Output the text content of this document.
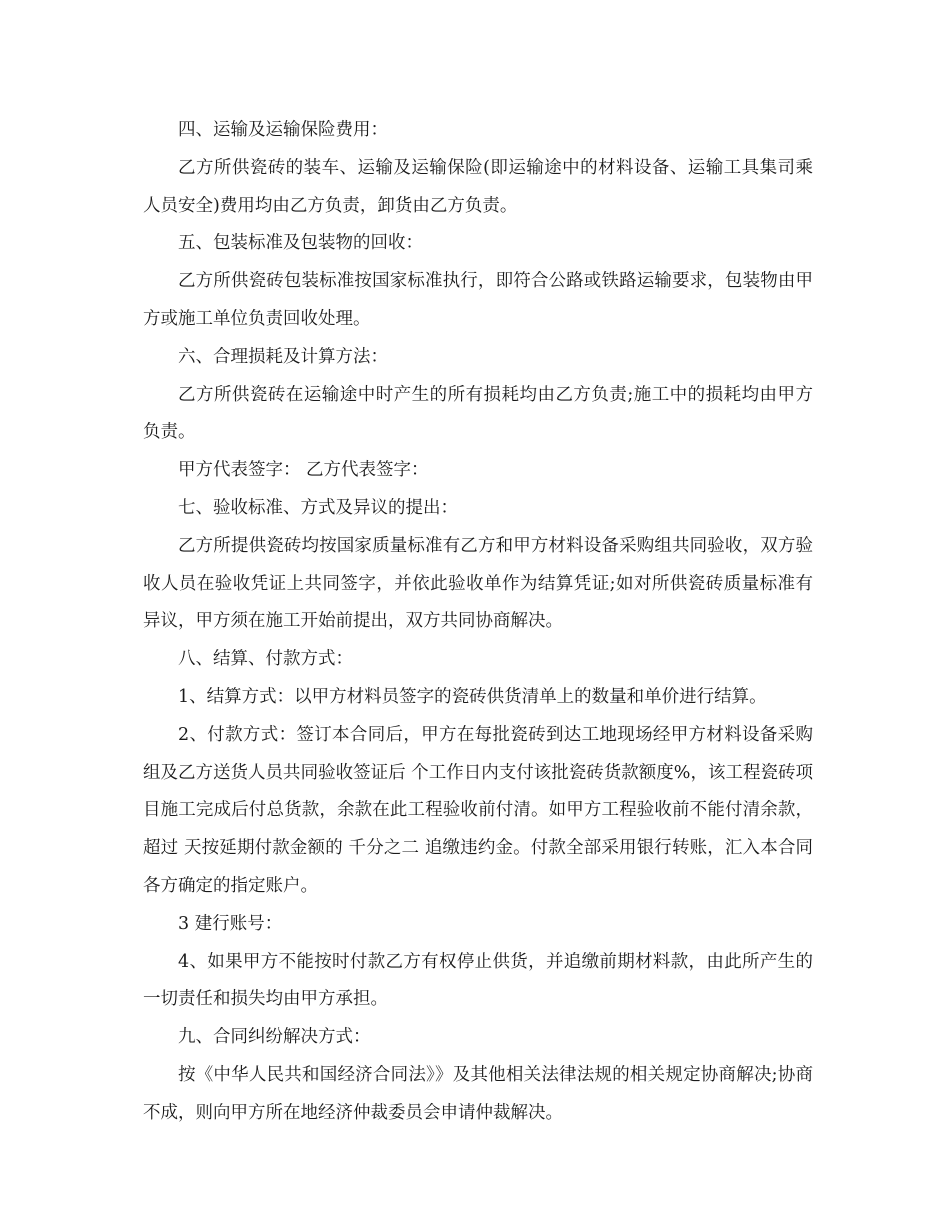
四、运输及运输保险费用：

乙方所供瓷砖的装车、运输及运输保险(即运输途中的材料设备、运输工具集司乘人员安全)费用均由乙方负责，卸货由乙方负责。

五、包装标准及包装物的回收：

乙方所供瓷砖包装标准按国家标准执行，即符合公路或铁路运输要求，包装物由甲方或施工单位负责回收处理。

六、合理损耗及计算方法：

乙方所供瓷砖在运输途中时产生的所有损耗均由乙方负责;施工中的损耗均由甲方负责。

甲方代表签字： 乙方代表签字：

七、验收标准、方式及异议的提出：

乙方所提供瓷砖均按国家质量标准有乙方和甲方材料设备采购组共同验收，双方验收人员在验收凭证上共同签字，并依此验收单作为结算凭证;如对所供瓷砖质量标准有异议，甲方须在施工开始前提出，双方共同协商解决。

八、结算、付款方式：

1、结算方式：以甲方材料员签字的瓷砖供货清单上的数量和单价进行结算。

2、付款方式：签订本合同后，甲方在每批瓷砖到达工地现场经甲方材料设备采购组及乙方送货人员共同验收签证后 个工作日内支付该批瓷砖货款额度%，该工程瓷砖项目施工完成后付总货款，余款在此工程验收前付清。如甲方工程验收前不能付清余款，超过 天按延期付款金额的 千分之二 追缴违约金。付款全部采用银行转账，汇入本合同各方确定的指定账户。

3 建行账号：

4、如果甲方不能按时付款乙方有权停止供货，并追缴前期材料款，由此所产生的一切责任和损失均由甲方承担。

九、合同纠纷解决方式：

按《中华人民共和国经济合同法》》及其他相关法律法规的相关规定协商解决;协商不成，则向甲方所在地经济仲裁委员会申请仲裁解决。
